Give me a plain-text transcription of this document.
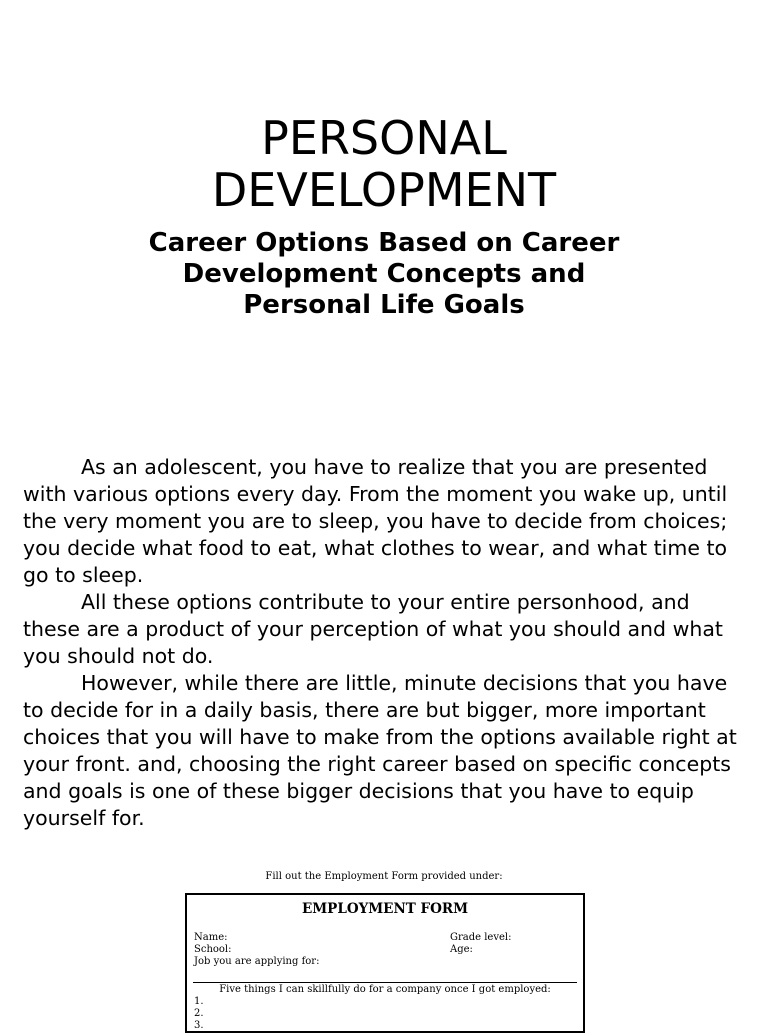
PERSONAL
DEVELOPMENT
Career Options Based on Career
Development Concepts and
Personal Life Goals

As an adolescent, you have to realize that you are presented with various options every day. From the moment you wake up, until the very moment you are to sleep, you have to decide from choices; you decide what food to eat, what clothes to wear, and what time to go to sleep.

All these options contribute to your entire personhood, and these are a product of your perception of what you should and what you should not do.

However, while there are little, minute decisions that you have to decide for in a daily basis, there are but bigger, more important choices that you will have to make from the options available right at your front. and, choosing the right career based on specific concepts and goals is one of these bigger decisions that you have to equip yourself for.

Fill out the Employment Form provided under:
EMPLOYMENT FORM
Name:
School:
Job you are applying for:
Grade level:
Age:
Five things I can skillfully do for a company once I got employed:
1.
2.
3.
